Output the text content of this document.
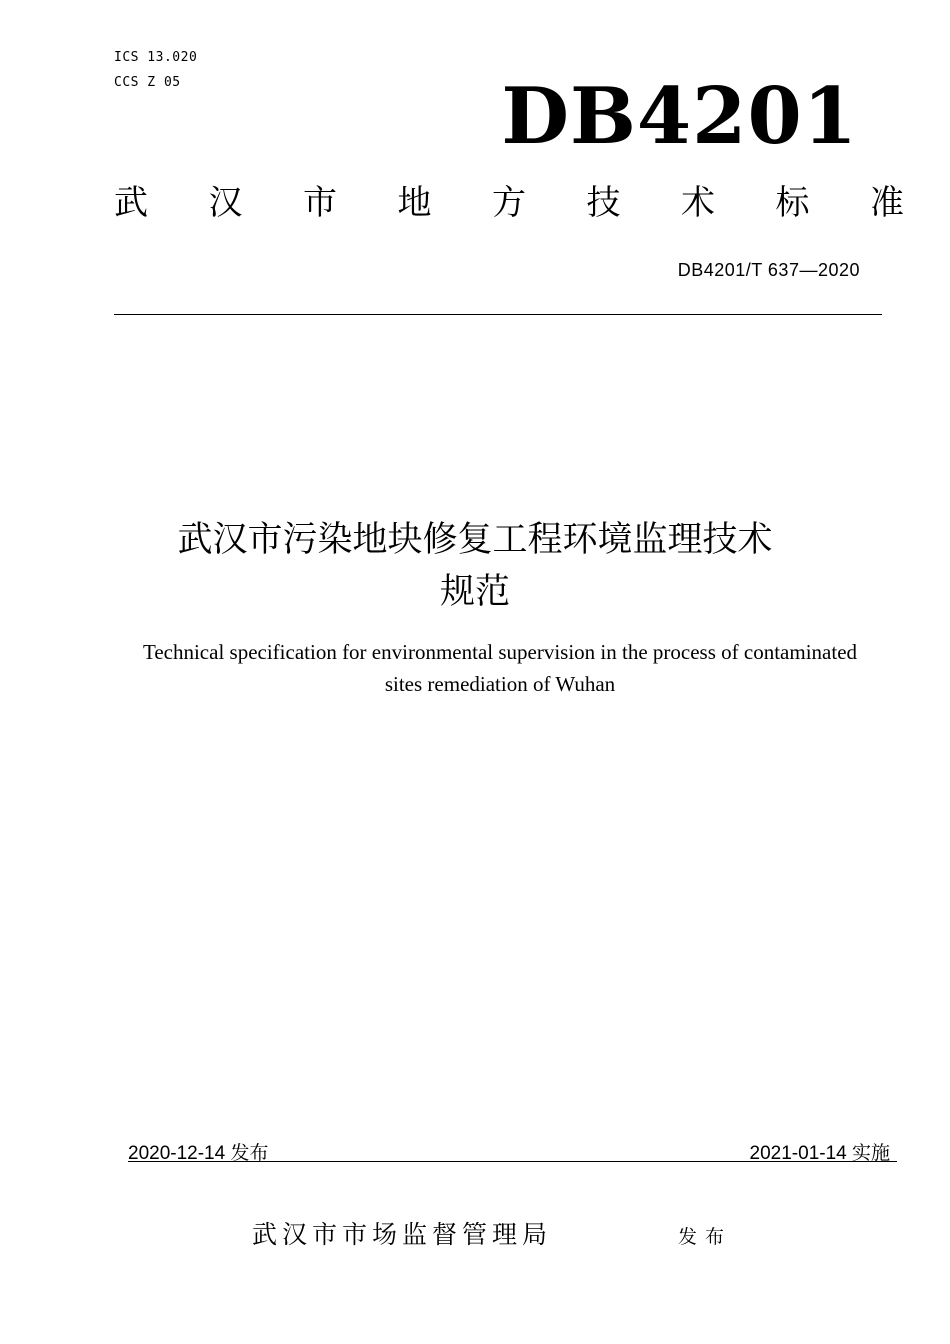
ICS 13.020
CCS Z 05	DB4201
武 汉 市 地 方 技 术 标 准
DB4201/T 637—2020
武汉市污染地块修复工程环境监理技术
规范
Technical specification for environmental supervision in the process of contaminated
sites remediation of Wuhan
2020-12-14 发布	2021-01-14 实施
武汉市市场监督管理局	发布
